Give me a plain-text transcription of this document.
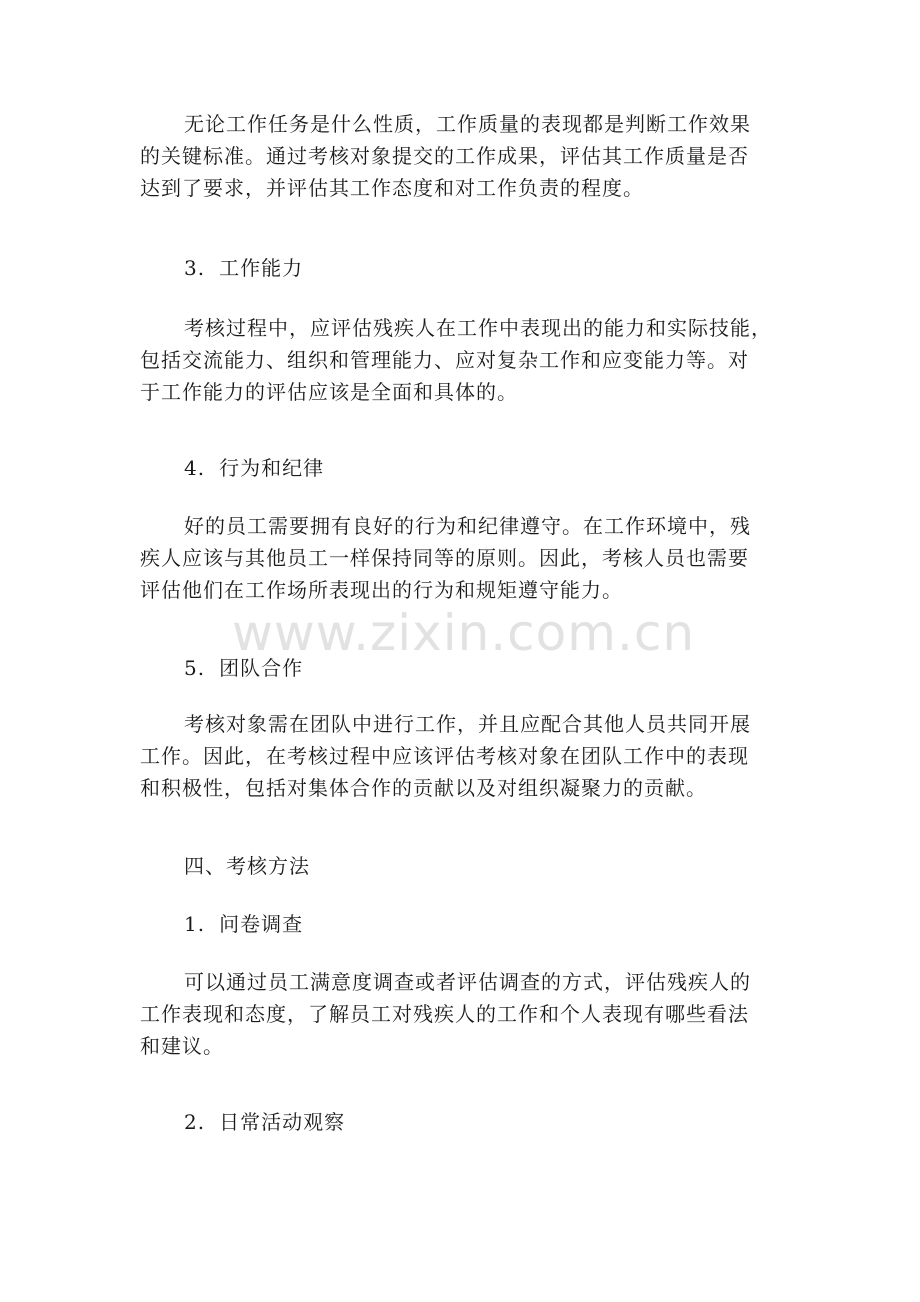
无论工作任务是什么性质，工作质量的表现都是判断工作效果
的关键标准。通过考核对象提交的工作成果，评估其工作质量是否
达到了要求，并评估其工作态度和对工作负责的程度。
3. 工作能力
考核过程中，应评估残疾人在工作中表现出的能力和实际技能，
包括交流能力、组织和管理能力、应对复杂工作和应变能力等。对
于工作能力的评估应该是全面和具体的。
4. 行为和纪律
好的员工需要拥有良好的行为和纪律遵守。在工作环境中，残
疾人应该与其他员工一样保持同等的原则。因此，考核人员也需要
评估他们在工作场所表现出的行为和规矩遵守能力。
www.zixin.com.cn
5. 团队合作
考核对象需在团队中进行工作，并且应配合其他人员共同开展
工作。因此，在考核过程中应该评估考核对象在团队工作中的表现
和积极性，包括对集体合作的贡献以及对组织凝聚力的贡献。
四、考核方法
1. 问卷调查
可以通过员工满意度调查或者评估调查的方式，评估残疾人的
工作表现和态度，了解员工对残疾人的工作和个人表现有哪些看法
和建议。
2. 日常活动观察
